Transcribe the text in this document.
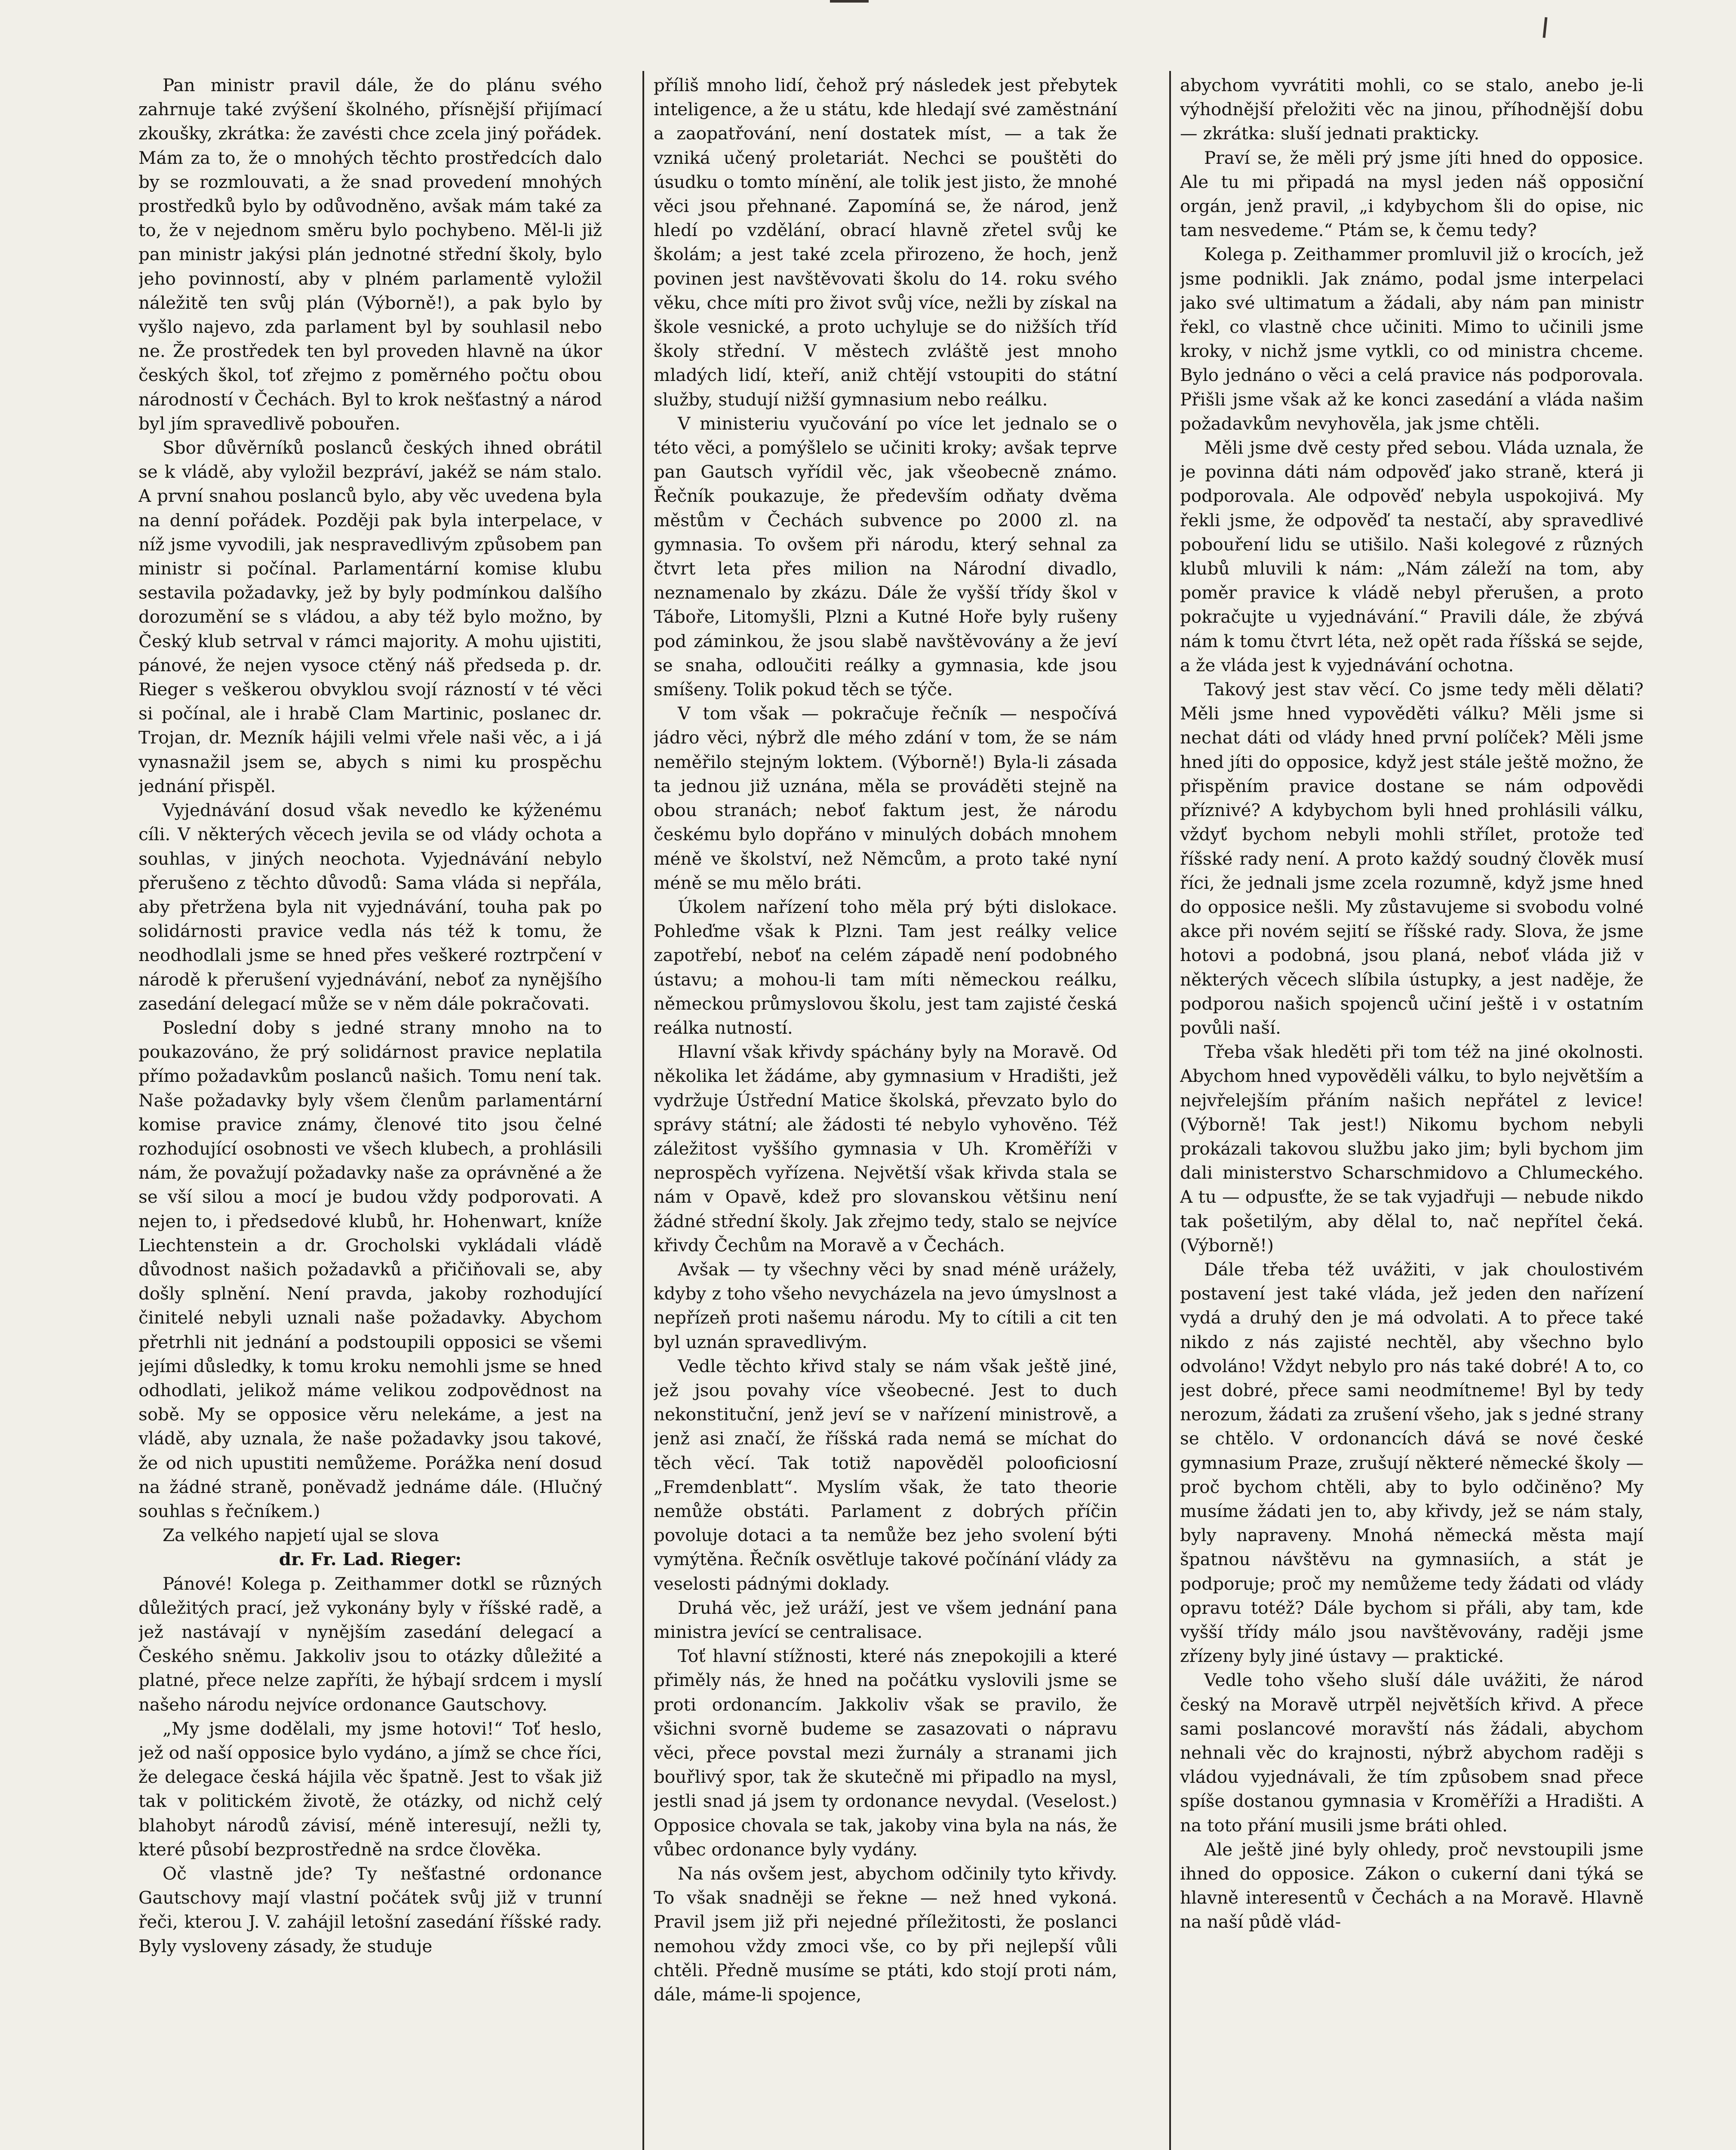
Pan ministr pravil dále, že do plánu svého zahrnuje také zvýšení školného, přísnější přijímací zkoušky, zkrátka: že zavésti chce zcela jiný pořádek. Mám za to, že o mnohých těchto prostředcích dalo by se rozmlouvati, a že snad provedení mnohých prostředků bylo by odůvodněno, avšak mám také za to, že v nejednom směru bylo pochybeno. Měl-li již pan ministr jakýsi plán jednotné střední školy, bylo jeho povinností, aby v plném parlamentě vyložil náležitě ten svůj plán (Výborně!), a pak bylo by vyšlo najevo, zda parlament byl by souhlasil nebo ne. Že prostředek ten byl proveden hlavně na úkor českých škol, toť zřejmo z poměrného počtu obou národností v Čechách. Byl to krok nešťastný a národ byl jím spravedlivě pobouřen.

Sbor důvěrníků poslanců českých ihned obrátil se k vládě, aby vyložil bezpráví, jakéž se nám stalo. A první snahou poslanců bylo, aby věc uvedena byla na denní pořádek. Později pak byla interpelace, v níž jsme vyvodili, jak nespravedlivým způsobem pan ministr si počínal. Parlamentární komise klubu sestavila požadavky, jež by byly podmínkou dalšího dorozumění se s vládou, a aby též bylo možno, by Český klub setrval v rámci majority. A mohu ujistiti, pánové, že nejen vysoce ctěný náš předseda p. dr. Rieger s veškerou obvyklou svojí rázností v té věci si počínal, ale i hrabě Clam Martinic, poslanec dr. Trojan, dr. Mezník hájili velmi vřele naši věc, a i já vynasnažil jsem se, abych s nimi ku prospěchu jednání přispěl.

Vyjednávání dosud však nevedlo ke kýženému cíli. V některých věcech jevila se od vlády ochota a souhlas, v jiných neochota. Vyjednávání nebylo přerušeno z těchto důvodů: Sama vláda si nepřála, aby přetržena byla nit vyjednávání, touha pak po solidárnosti pravice vedla nás též k tomu, že neodhodlali jsme se hned přes veškeré roztrpčení v národě k přerušení vyjednávání, neboť za nynějšího zasedání delegací může se v něm dále pokračovati.

Poslední doby s jedné strany mnoho na to poukazováno, že prý solidárnost pravice neplatila přímo požadavkům poslanců našich. Tomu není tak. Naše požadavky byly všem členům parlamentární komise pravice známy, členové tito jsou čelné rozhodující osobnosti ve všech klubech, a prohlásili nám, že považují požadavky naše za oprávněné a že se vší silou a mocí je budou vždy podporovati. A nejen to, i předsedové klubů, hr. Hohenwart, kníže Liechtenstein a dr. Grocholski vykládali vládě důvodnost našich požadavků a přičiňovali se, aby došly splnění. Není pravda, jakoby rozhodující činitelé nebyli uznali naše požadavky. Abychom přetrhli nit jednání a podstoupili opposici se všemi jejími důsledky, k tomu kroku nemohli jsme se hned odhodlati, jelikož máme velikou zodpovědnost na sobě. My se opposice věru nelekáme, a jest na vládě, aby uznala, že naše požadavky jsou takové, že od nich upustiti nemůžeme. Porážka není dosud na žádné straně, poněvadž jednáme dále. (Hlučný souhlas s řečníkem.)

Za velkého napjetí ujal se slova

dr. Fr. Lad. Rieger:

Pánové! Kolega p. Zeithammer dotkl se různých důležitých prací, jež vykonány byly v říšské radě, a jež nastávají v nynějším zasedání delegací a Českého sněmu. Jakkoliv jsou to otázky důležité a platné, přece nelze zapříti, že hýbají srdcem i myslí našeho národu nejvíce ordonance Gautschovy.

„My jsme dodělali, my jsme hotovi!“ Toť heslo, jež od naší opposice bylo vydáno, a jímž se chce říci, že delegace česká hájila věc špatně. Jest to však již tak v politickém životě, že otázky, od nichž celý blahobyt národů závisí, méně interesují, nežli ty, které působí bezprostředně na srdce člověka.

Oč vlastně jde? Ty nešťastné ordonance Gautschovy mají vlastní počátek svůj již v trunní řeči, kterou J. V. zahájil letošní zasedání říšské rady. Byly vysloveny zásady, že studuje

příliš mnoho lidí, čehož prý následek jest přebytek inteligence, a že u státu, kde hledají své zaměstnání a zaopatřování, není dostatek míst, — a tak že vzniká učený proletariát. Nechci se pouštěti do úsudku o tomto mínění, ale tolik jest jisto, že mnohé věci jsou přehnané. Zapomíná se, že národ, jenž hledí po vzdělání, obrací hlavně zřetel svůj ke školám; a jest také zcela přirozeno, že hoch, jenž povinen jest navštěvovati školu do 14. roku svého věku, chce míti pro život svůj více, nežli by získal na škole vesnické, a proto uchyluje se do nižších tříd školy střední. V městech zvláště jest mnoho mladých lidí, kteří, aniž chtějí vstoupiti do státní služby, studují nižší gymnasium nebo reálku.

V ministeriu vyučování po více let jednalo se o této věci, a pomýšlelo se učiniti kroky; avšak teprve pan Gautsch vyřídil věc, jak všeobecně známo. Řečník poukazuje, že především odňaty dvěma městům v Čechách subvence po 2000 zl. na gymnasia. To ovšem při národu, který sehnal za čtvrt leta přes milion na Národní divadlo, neznamenalo by zkázu. Dále že vyšší třídy škol v Táboře, Litomyšli, Plzni a Kutné Hoře byly rušeny pod záminkou, že jsou slabě navštěvovány a že jeví se snaha, odloučiti reálky a gymnasia, kde jsou smíšeny. Tolik pokud těch se týče.

V tom však — pokračuje řečník — nespočívá jádro věci, nýbrž dle mého zdání v tom, že se nám neměřilo stejným loktem. (Výborně!) Byla-li zásada ta jednou již uznána, měla se prováděti stejně na obou stranách; neboť faktum jest, že národu českému bylo dopřáno v minulých dobách mnohem méně ve školství, než Němcům, a proto také nyní méně se mu mělo bráti.

Úkolem nařízení toho měla prý býti dislokace. Pohleďme však k Plzni. Tam jest reálky velice zapotřebí, neboť na celém západě není podobného ústavu; a mohou-li tam míti německou reálku, německou průmyslovou školu, jest tam zajisté česká reálka nutností.

Hlavní však křivdy spáchány byly na Moravě. Od několika let žádáme, aby gymnasium v Hradišti, jež vydržuje Ústřední Matice školská, převzato bylo do správy státní; ale žádosti té nebylo vyhověno. Též záležitost vyššího gymnasia v Uh. Kroměříži v neprospěch vyřízena. Největší však křivda stala se nám v Opavě, kdež pro slovanskou většinu není žádné střední školy. Jak zřejmo tedy, stalo se nejvíce křivdy Čechům na Moravě a v Čechách.

Avšak — ty všechny věci by snad méně urážely, kdyby z toho všeho nevycházela na jevo úmyslnost a nepřízeň proti našemu národu. My to cítili a cit ten byl uznán spravedlivým.

Vedle těchto křivd staly se nám však ještě jiné, jež jsou povahy více všeobecné. Jest to duch nekonstituční, jenž jeví se v nařízení ministrově, a jenž asi značí, že říšská rada nemá se míchat do těch věcí. Tak totiž napověděl polooficiosní „Fremdenblatt“. Myslím však, že tato theorie nemůže obstáti. Parlament z dobrých příčin povoluje dotaci a ta nemůže bez jeho svolení býti vymýtěna. Řečník osvětluje takové počínání vlády za veselosti pádnými doklady.

Druhá věc, jež uráží, jest ve všem jednání pana ministra jevící se centralisace.

Toť hlavní stížnosti, které nás znepokojili a které přiměly nás, že hned na počátku vyslovili jsme se proti ordonancím. Jakkoliv však se pravilo, že všichni svorně budeme se zasazovati o nápravu věci, přece povstal mezi žurnály a stranami jich bouřlivý spor, tak že skutečně mi připadlo na mysl, jestli snad já jsem ty ordonance nevydal. (Veselost.) Opposice chovala se tak, jakoby vina byla na nás, že vůbec ordonance byly vydány.

Na nás ovšem jest, abychom odčinily tyto křivdy. To však snadněji se řekne — než hned vykoná. Pravil jsem již při nejedné příležitosti, že poslanci nemohou vždy zmoci vše, co by při nejlepší vůli chtěli. Předně musíme se ptáti, kdo stojí proti nám, dále, máme-li spojence,

abychom vyvrátiti mohli, co se stalo, anebo je-li výhodnější přeložiti věc na jinou, příhodnější dobu — zkrátka: sluší jednati prakticky.

Praví se, že měli prý jsme jíti hned do opposice. Ale tu mi připadá na mysl jeden náš opposiční orgán, jenž pravil, „i kdybychom šli do opise, nic tam nesvedeme.“ Ptám se, k čemu tedy?

Kolega p. Zeithammer promluvil již o krocích, jež jsme podnikli. Jak známo, podal jsme interpelaci jako své ultimatum a žádali, aby nám pan ministr řekl, co vlastně chce učiniti. Mimo to učinili jsme kroky, v nichž jsme vytkli, co od ministra chceme. Bylo jednáno o věci a celá pravice nás podporovala. Přišli jsme však až ke konci zasedání a vláda našim požadavkům nevyhověla, jak jsme chtěli.

Měli jsme dvě cesty před sebou. Vláda uznala, že je povinna dáti nám odpověď jako straně, která ji podporovala. Ale odpověď nebyla uspokojivá. My řekli jsme, že odpověď ta nestačí, aby spravedlivé pobouření lidu se utišilo. Naši kolegové z různých klubů mluvili k nám: „Nám záleží na tom, aby poměr pravice k vládě nebyl přerušen, a proto pokračujte u vyjednávání.“ Pravili dále, že zbývá nám k tomu čtvrt léta, než opět rada říšská se sejde, a že vláda jest k vyjednávání ochotna.

Takový jest stav věcí. Co jsme tedy měli dělati? Měli jsme hned vypověděti válku? Měli jsme si nechat dáti od vlády hned první políček? Měli jsme hned jíti do opposice, když jest stále ještě možno, že přispěním pravice dostane se nám odpovědi příznivé? A kdybychom byli hned prohlásili válku, vždyť bychom nebyli mohli střílet, protože teď říšské rady není. A proto každý soudný člověk musí říci, že jednali jsme zcela rozumně, když jsme hned do opposice nešli. My zůstavujeme si svobodu volné akce při novém sejití se říšské rady. Slova, že jsme hotovi a podobná, jsou planá, neboť vláda již v některých věcech slíbila ústupky, a jest naděje, že podporou našich spojenců učiní ještě i v ostatním povůli naší.

Třeba však hleděti při tom též na jiné okolnosti. Abychom hned vypověděli válku, to bylo největším a nejvřelejším přáním našich nepřátel z levice! (Výborně! Tak jest!) Nikomu bychom nebyli prokázali takovou službu jako jim; byli bychom jim dali ministerstvo Scharschmidovo a Chlumeckého. A tu — odpusťte, že se tak vyjadřuji — nebude nikdo tak pošetilým, aby dělal to, nač nepřítel čeká. (Výborně!)

Dále třeba též uvážiti, v jak choulostivém postavení jest také vláda, jež jeden den nařízení vydá a druhý den je má odvolati. A to přece také nikdo z nás zajisté nechtěl, aby všechno bylo odvoláno! Vždyt nebylo pro nás také dobré! A to, co jest dobré, přece sami neodmítneme! Byl by tedy nerozum, žádati za zrušení všeho, jak s jedné strany se chtělo. V ordonancích dává se nové české gymnasium Praze, zrušují některé německé školy — proč bychom chtěli, aby to bylo odčiněno? My musíme žádati jen to, aby křivdy, jež se nám staly, byly napraveny. Mnohá německá města mají špatnou návštěvu na gymnasiích, a stát je podporuje; proč my nemůžeme tedy žádati od vlády opravu totéž? Dále bychom si přáli, aby tam, kde vyšší třídy málo jsou navštěvovány, raději jsme zřízeny byly jiné ústavy — praktické.

Vedle toho všeho sluší dále uvážiti, že národ český na Moravě utrpěl největších křivd. A přece sami poslancové moravští nás žádali, abychom nehnali věc do krajnosti, nýbrž abychom raději s vládou vyjednávali, že tím způsobem snad přece spíše dostanou gymnasia v Kroměříži a Hradišti. A na toto přání musili jsme bráti ohled.

Ale ještě jiné byly ohledy, proč nevstoupili jsme ihned do opposice. Zákon o cukerní dani týká se hlavně interesentů v Čechách a na Moravě. Hlavně na naší půdě vlád-
